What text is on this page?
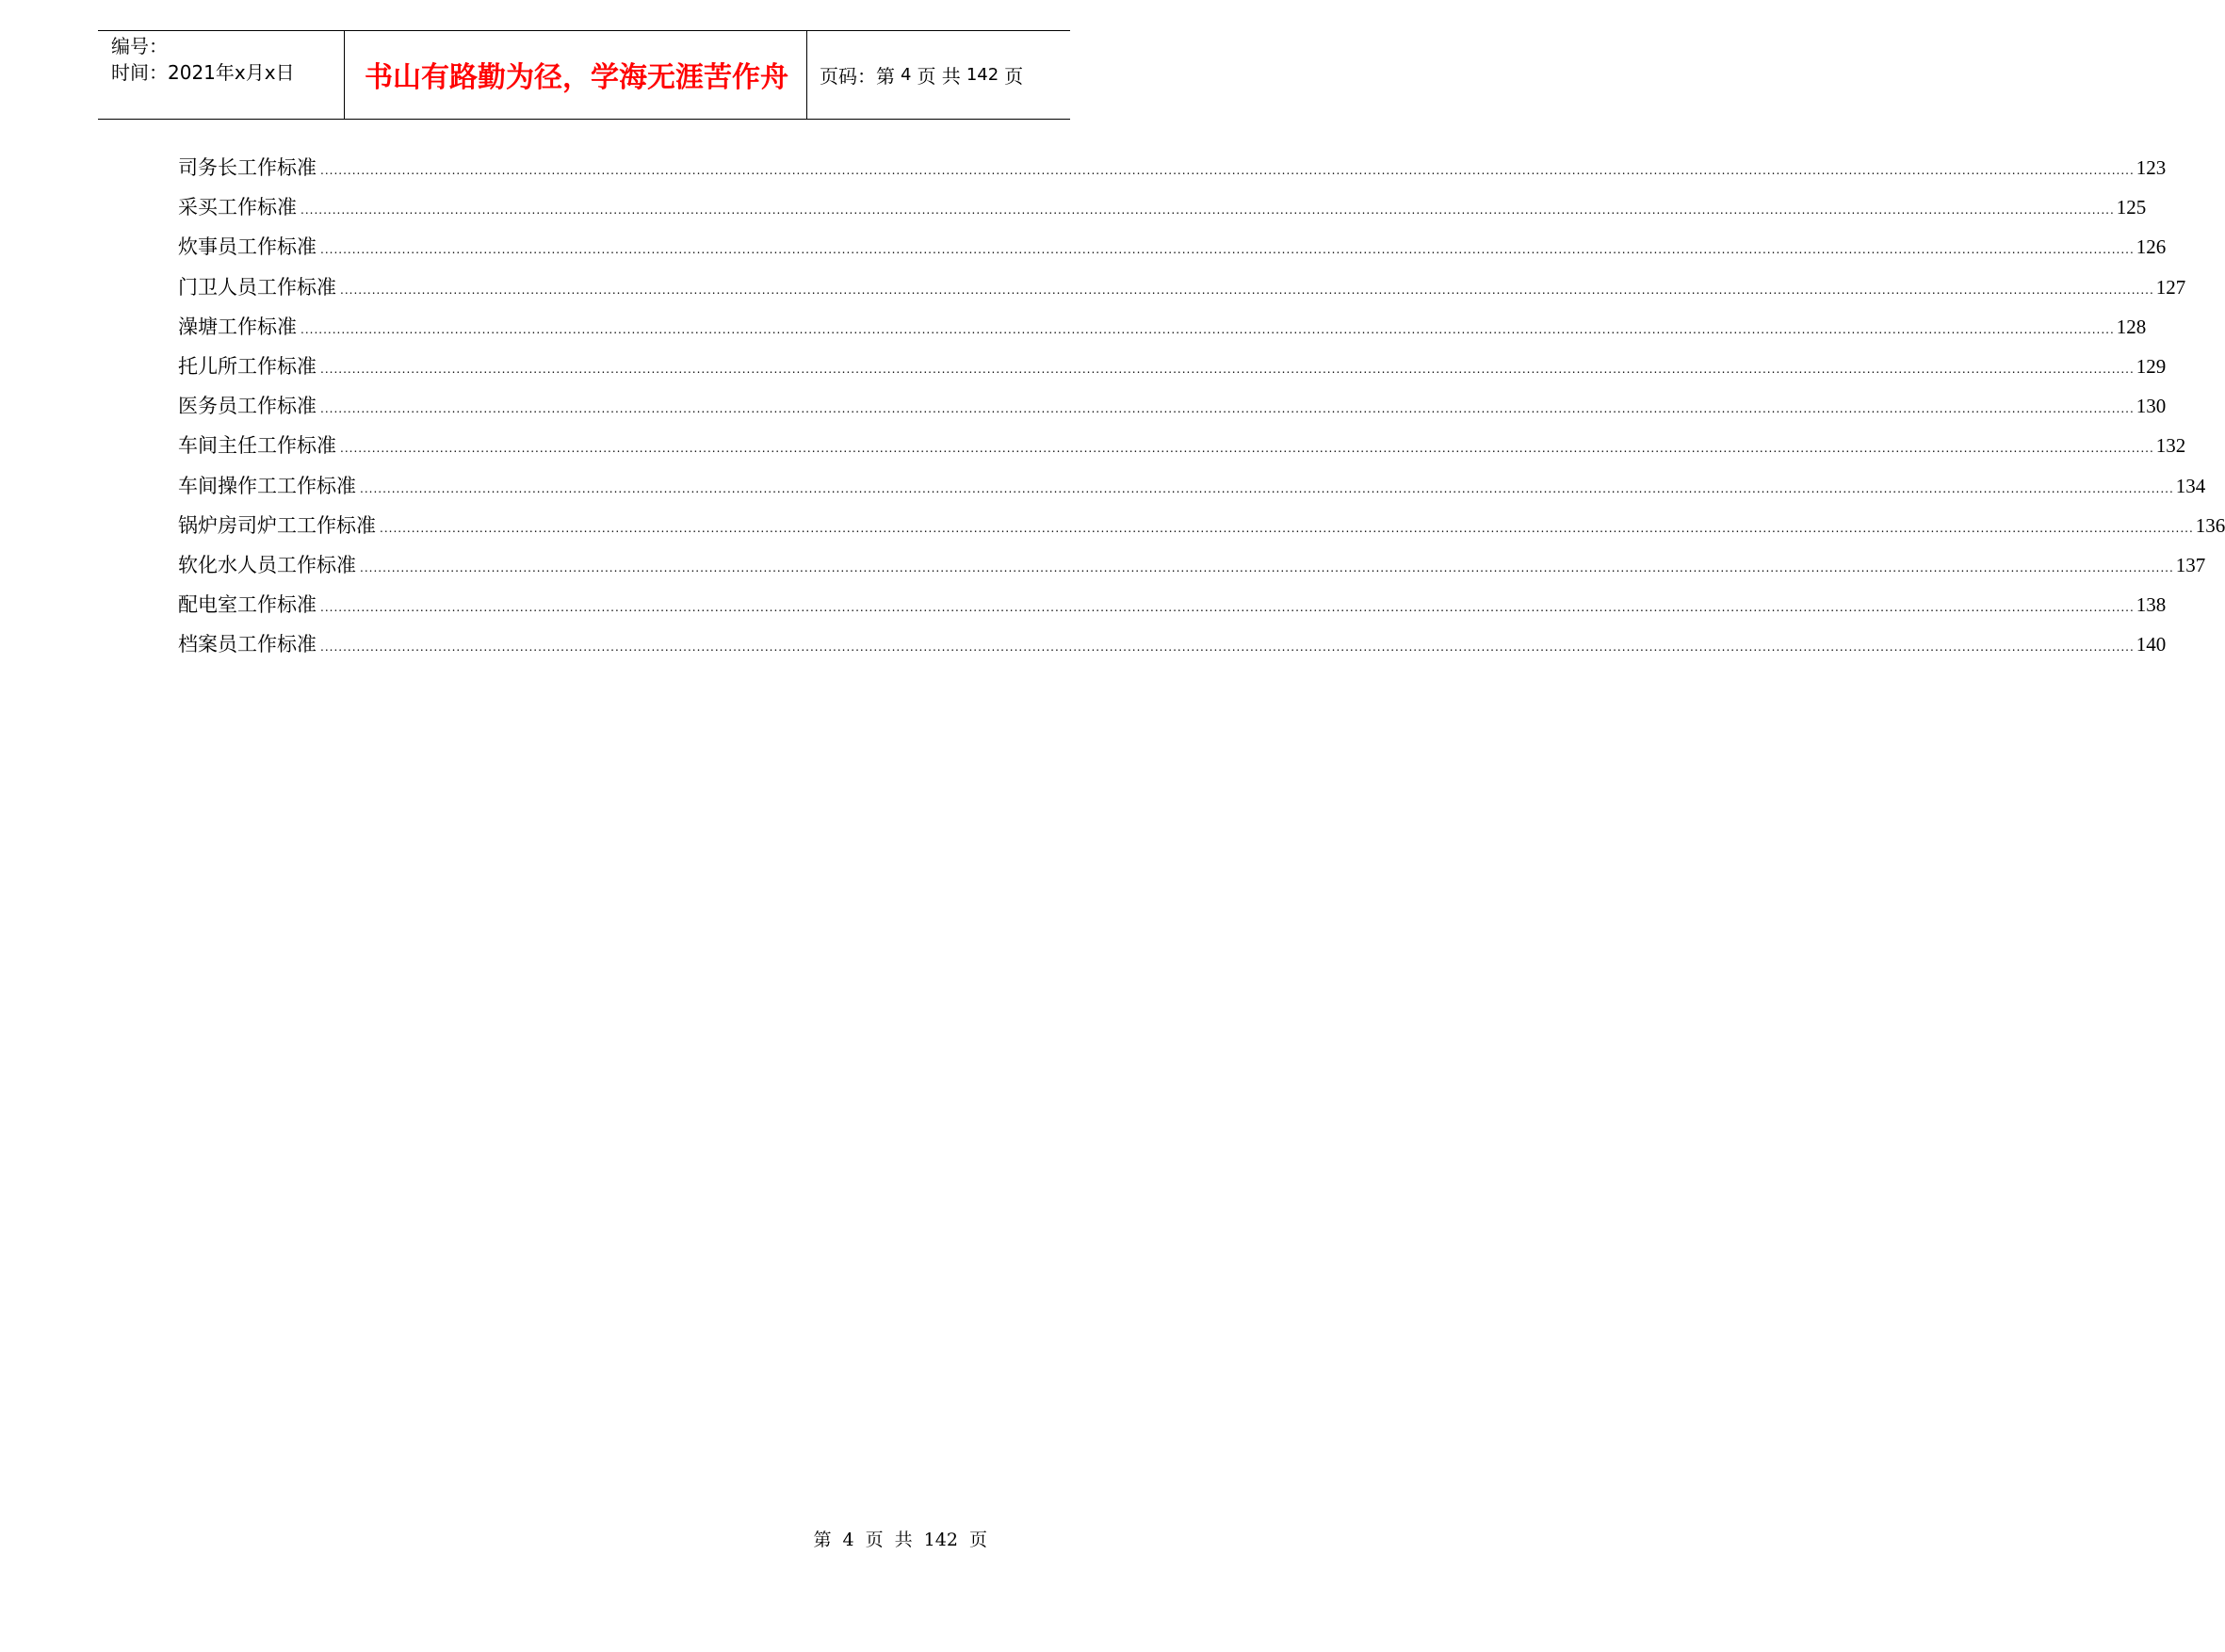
编号：
时间：2021年x月x日	书山有路勤为径，学海无涯苦作舟	页码：第 4 页 共 142 页
司务长工作标准 ................................................................................................................................................................................................................................................................................................................................................................................................................ 123
采买工作标准 ................................................................................................................................................................................................................................................................................................................................................................................................................ 125
炊事员工作标准 ................................................................................................................................................................................................................................................................................................................................................................................................................ 126
门卫人员工作标准 ................................................................................................................................................................................................................................................................................................................................................................................................................ 127
澡塘工作标准 ................................................................................................................................................................................................................................................................................................................................................................................................................ 128
托儿所工作标准 ................................................................................................................................................................................................................................................................................................................................................................................................................ 129
医务员工作标准 ................................................................................................................................................................................................................................................................................................................................................................................................................ 130
车间主任工作标准 ................................................................................................................................................................................................................................................................................................................................................................................................................ 132
车间操作工工作标准 ................................................................................................................................................................................................................................................................................................................................................................................................................ 134
锅炉房司炉工工作标准 ................................................................................................................................................................................................................................................................................................................................................................................................................ 136
软化水人员工作标准 ................................................................................................................................................................................................................................................................................................................................................................................................................ 137
配电室工作标准 ................................................................................................................................................................................................................................................................................................................................................................................................................ 138
档案员工作标准 ................................................................................................................................................................................................................................................................................................................................................................................................................ 140
第 4 页 共 142 页
